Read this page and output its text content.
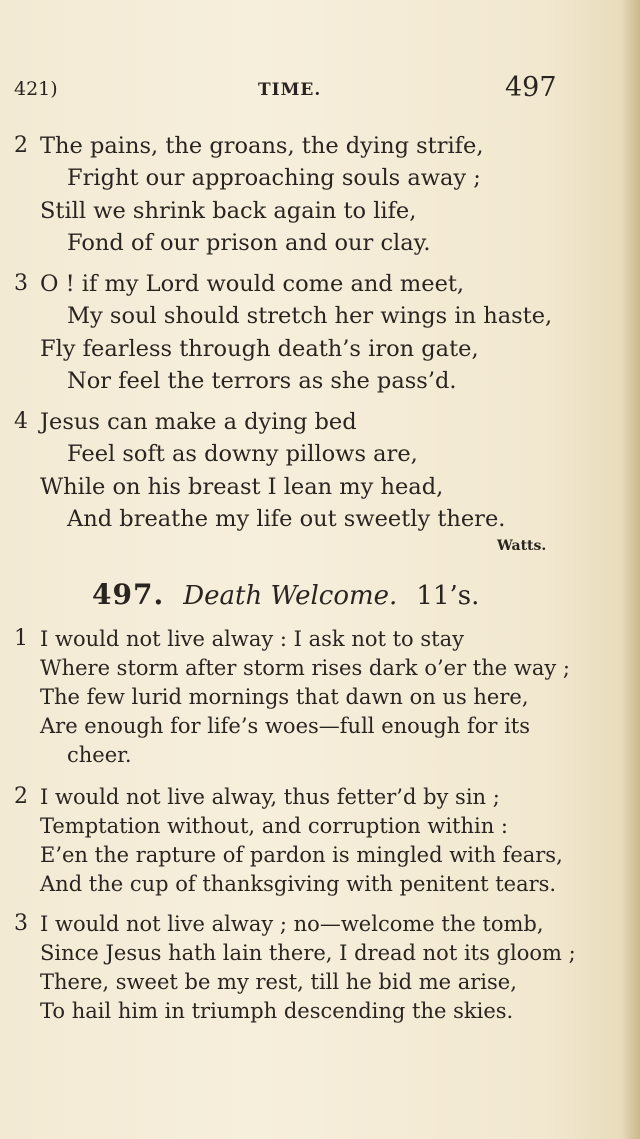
421)	TIME.	497
2 The pains, the groans, the dying strife,
Fright our approaching souls away ;
Still we shrink back again to life,
Fond of our prison and our clay.
3 O ! if my Lord would come and meet,
My soul should stretch her wings in haste,
Fly fearless through death’s iron gate,
Nor feel the terrors as she pass’d.
4 Jesus can make a dying bed
Feel soft as downy pillows are,
While on his breast I lean my head,
And breathe my life out sweetly there.
Watts.
497. Death Welcome. 11’s.
1 I would not live alway : I ask not to stay
Where storm after storm rises dark o’er the way ;
The few lurid mornings that dawn on us here,
Are enough for life’s woes—full enough for its
cheer.
2 I would not live alway, thus fetter’d by sin ;
Temptation without, and corruption within :
E’en the rapture of pardon is mingled with fears,
And the cup of thanksgiving with penitent tears.
3 I would not live alway ; no—welcome the tomb,
Since Jesus hath lain there, I dread not its gloom ;
There, sweet be my rest, till he bid me arise,
To hail him in triumph descending the skies.
